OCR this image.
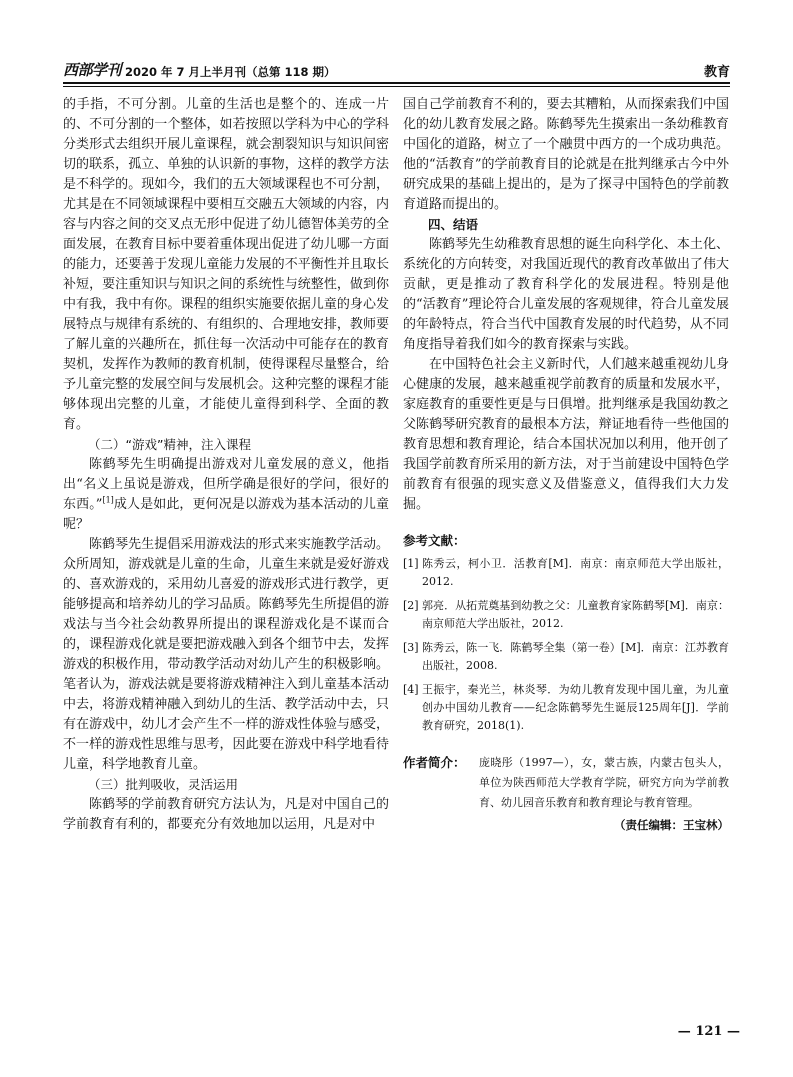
西部学刊 2020 年 7 月上半月刊（总第 118 期）	教育

的手指，不可分割。儿童的生活也是整个的、连成一片的、不可分割的一个整体，如若按照以学科为中心的学科分类形式去组织开展儿童课程，就会割裂知识与知识间密切的联系，孤立、单独的认识新的事物，这样的教学方法是不科学的。现如今，我们的五大领域课程也不可分割，尤其是在不同领域课程中要相互交融五大领域的内容，内容与内容之间的交叉点无形中促进了幼儿德智体美劳的全面发展，在教育目标中要着重体现出促进了幼儿哪一方面的能力，还要善于发现儿童能力发展的不平衡性并且取长补短，要注重知识与知识之间的系统性与统整性，做到你中有我，我中有你。课程的组织实施要依据儿童的身心发展特点与规律有系统的、有组织的、合理地安排，教师要了解儿童的兴趣所在，抓住每一次活动中可能存在的教育契机，发挥作为教师的教育机制，使得课程尽量整合，给予儿童完整的发展空间与发展机会。这种完整的课程才能够体现出完整的儿童，才能使儿童得到科学、全面的教育。

（二）“游戏”精神，注入课程

陈鹤琴先生明确提出游戏对儿童发展的意义，他指出“名义上虽说是游戏，但所学确是很好的学问，很好的东西。”[1]成人是如此，更何况是以游戏为基本活动的儿童呢？

陈鹤琴先生提倡采用游戏法的形式来实施教学活动。众所周知，游戏就是儿童的生命，儿童生来就是爱好游戏的、喜欢游戏的，采用幼儿喜爱的游戏形式进行教学，更能够提高和培养幼儿的学习品质。陈鹤琴先生所提倡的游戏法与当今社会幼教界所提出的课程游戏化是不谋而合的，课程游戏化就是要把游戏融入到各个细节中去，发挥游戏的积极作用，带动教学活动对幼儿产生的积极影响。笔者认为，游戏法就是要将游戏精神注入到儿童基本活动中去，将游戏精神融入到幼儿的生活、教学活动中去，只有在游戏中，幼儿才会产生不一样的游戏性体验与感受，不一样的游戏性思维与思考，因此要在游戏中科学地看待儿童，科学地教育儿童。

（三）批判吸收，灵活运用

陈鹤琴的学前教育研究方法认为，凡是对中国自己的学前教育有利的，都要充分有效地加以运用，凡是对中

国自己学前教育不利的，要去其糟粕，从而探索我们中国化的幼儿教育发展之路。陈鹤琴先生摸索出一条幼稚教育中国化的道路，树立了一个融贯中西方的一个成功典范。他的“活教育”的学前教育目的论就是在批判继承古今中外研究成果的基础上提出的，是为了探寻中国特色的学前教育道路而提出的。

四、结语

陈鹤琴先生幼稚教育思想的诞生向科学化、本土化、系统化的方向转变，对我国近现代的教育改革做出了伟大贡献，更是推动了教育科学化的发展进程。特别是他的“活教育”理论符合儿童发展的客观规律，符合儿童发展的年龄特点，符合当代中国教育发展的时代趋势，从不同角度指导着我们如今的教育探索与实践。

在中国特色社会主义新时代，人们越来越重视幼儿身心健康的发展，越来越重视学前教育的质量和发展水平，家庭教育的重要性更是与日俱增。批判继承是我国幼教之父陈鹤琴研究教育的最根本方法，辩证地看待一些他国的教育思想和教育理论，结合本国状况加以利用，他开创了我国学前教育所采用的新方法，对于当前建设中国特色学前教育有很强的现实意义及借鉴意义，值得我们大力发掘。

参考文献：
[1] 陈秀云，柯小卫．活教育[M]．南京：南京师范大学出版社，2012.
[2] 郭亮．从拓荒奠基到幼教之父：儿童教育家陈鹤琴[M]．南京：南京师范大学出版社，2012.
[3] 陈秀云，陈一飞．陈鹤琴全集（第一卷）[M]．南京：江苏教育出版社，2008.
[4] 王振宇，秦光兰，林炎琴．为幼儿教育发现中国儿童，为儿童创办中国幼儿教育——纪念陈鹤琴先生诞辰125周年[J]．学前教育研究，2018(1).
作者简介：	庞晓彤（1997—），女，蒙古族，内蒙古包头人，单位为陕西师范大学教育学院，研究方向为学前教育、幼儿园音乐教育和教育理论与教育管理。
（责任编辑：王宝林）
— 121 —
